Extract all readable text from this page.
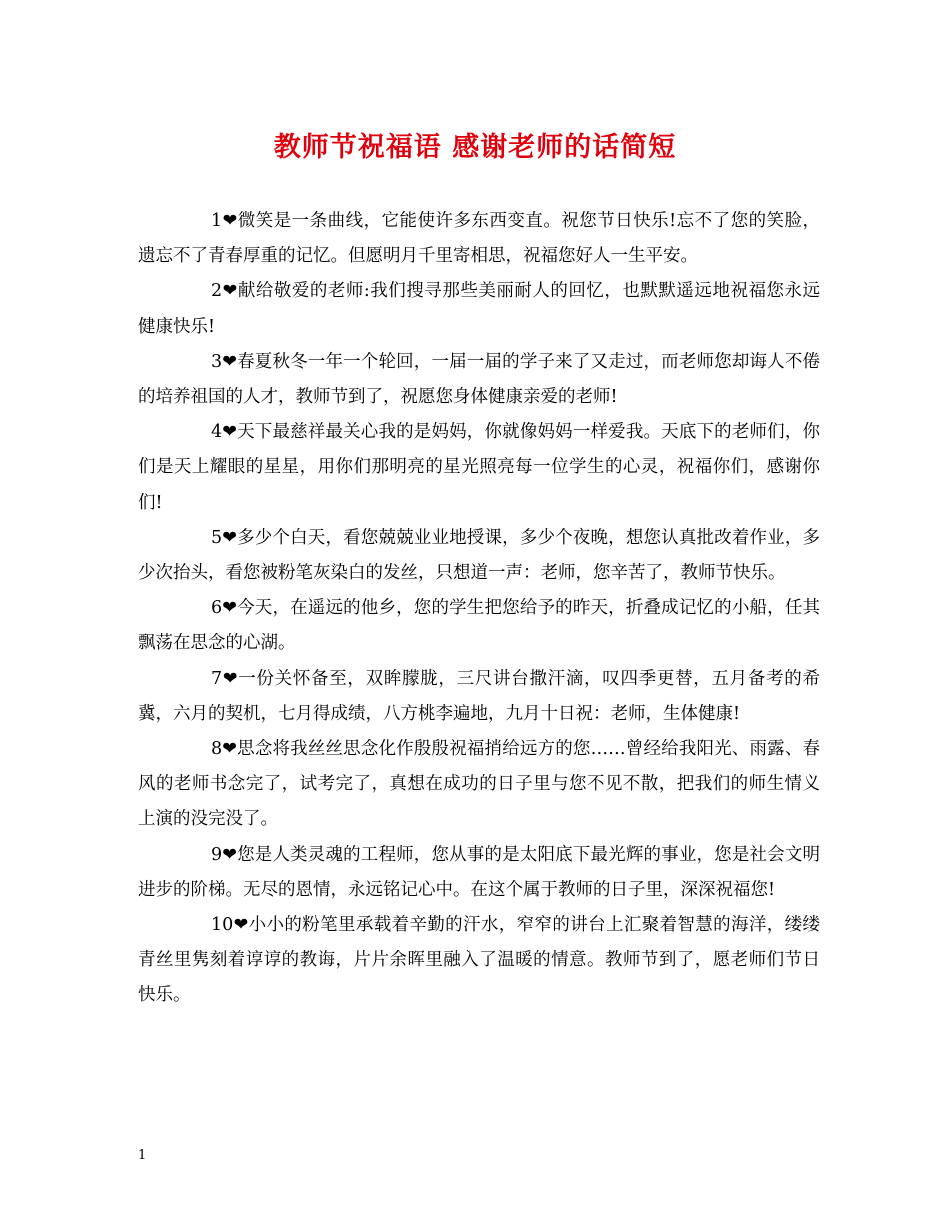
教师节祝福语 感谢老师的话简短

1❤微笑是一条曲线，它能使许多东西变直。祝您节日快乐!忘不了您的笑脸，遗忘不了青春厚重的记忆。但愿明月千里寄相思，祝福您好人一生平安。

2❤献给敬爱的老师:我们搜寻那些美丽耐人的回忆，也默默遥远地祝福您永远健康快乐!

3❤春夏秋冬一年一个轮回，一届一届的学子来了又走过，而老师您却诲人不倦的培养祖国的人才，教师节到了，祝愿您身体健康亲爱的老师!

4❤天下最慈祥最关心我的是妈妈，你就像妈妈一样爱我。天底下的老师们，你们是天上耀眼的星星，用你们那明亮的星光照亮每一位学生的心灵，祝福你们，感谢你们!

5❤多少个白天，看您兢兢业业地授课，多少个夜晚，想您认真批改着作业，多少次抬头，看您被粉笔灰染白的发丝，只想道一声：老师，您辛苦了，教师节快乐。

6❤今天，在遥远的他乡，您的学生把您给予的昨天，折叠成记忆的小船，任其飘荡在思念的心湖。

7❤一份关怀备至，双眸朦胧，三尺讲台撒汗滴，叹四季更替，五月备考的希冀，六月的契机，七月得成绩，八方桃李遍地，九月十日祝：老师，生体健康!

8❤思念将我丝丝思念化作殷殷祝福捎给远方的您……曾经给我阳光、雨露、春风的老师书念完了，试考完了，真想在成功的日子里与您不见不散，把我们的师生情义上演的没完没了。

9❤您是人类灵魂的工程师，您从事的是太阳底下最光辉的事业，您是社会文明进步的阶梯。无尽的恩情，永远铭记心中。在这个属于教师的日子里，深深祝福您!

10❤小小的粉笔里承载着辛勤的汗水，窄窄的讲台上汇聚着智慧的海洋，缕缕青丝里隽刻着谆谆的教诲，片片余晖里融入了温暖的情意。教师节到了，愿老师们节日快乐。

1
